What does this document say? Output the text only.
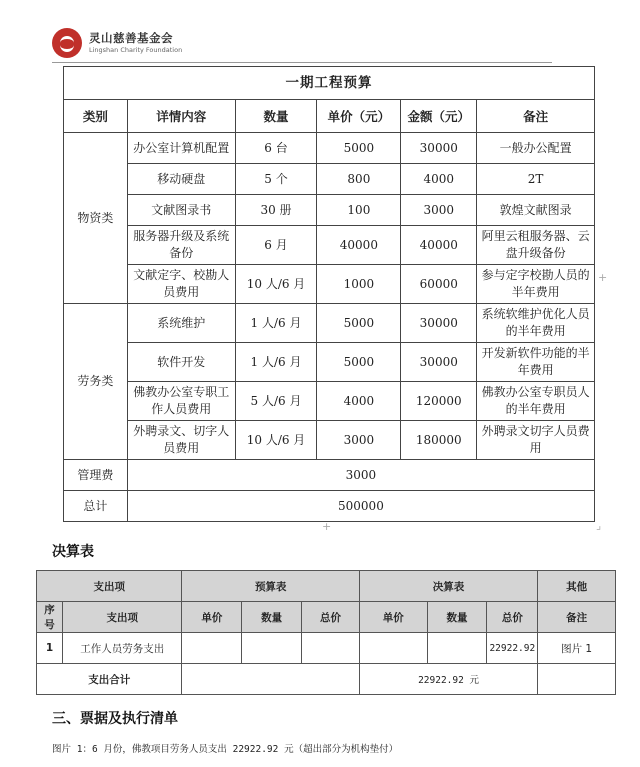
灵山慈善基金会
Lingshan Charity Foundation
一期工程预算					
类别	详情内容	数量	单价（元）	金额（元）	备注
物资类	办公室计算机配置	6 台	5000	30000	一般办公配置
	移动硬盘	5 个	800	4000	2T
	文献图录书	30 册	100	3000	敦煌文献图录
	服务器升级及系统备份	6 月	40000	40000	阿里云租服务器、云盘升级备份
	文献定字、校勘人员费用	10 人/6 月	1000	60000	参与定字校勘人员的半年费用
劳务类	系统维护	1 人/6 月	5000	30000	系统软维护优化人员的半年费用
	软件开发	1 人/6 月	5000	30000	开发新软件功能的半年费用
	佛教办公室专职工作人员费用	5 人/6 月	4000	120000	佛教办公室专职员人的半年费用
	外聘录文、切字人员费用	10 人/6 月	3000	180000	外聘录文切字人员费用
管理费	3000				
总计	500000				
+
+	⌟
决算表
支出项		预算表			决算表			其他
序号	支出项	单价	数量	总价	单价	数量	总价	备注
1	工作人员劳务支出						22922.92	图片 1
支出合计					22922.92 元			
三、票据及执行清单
图片 1：6 月份，佛教项目劳务人员支出 22922.92 元（超出部分为机构垫付）
